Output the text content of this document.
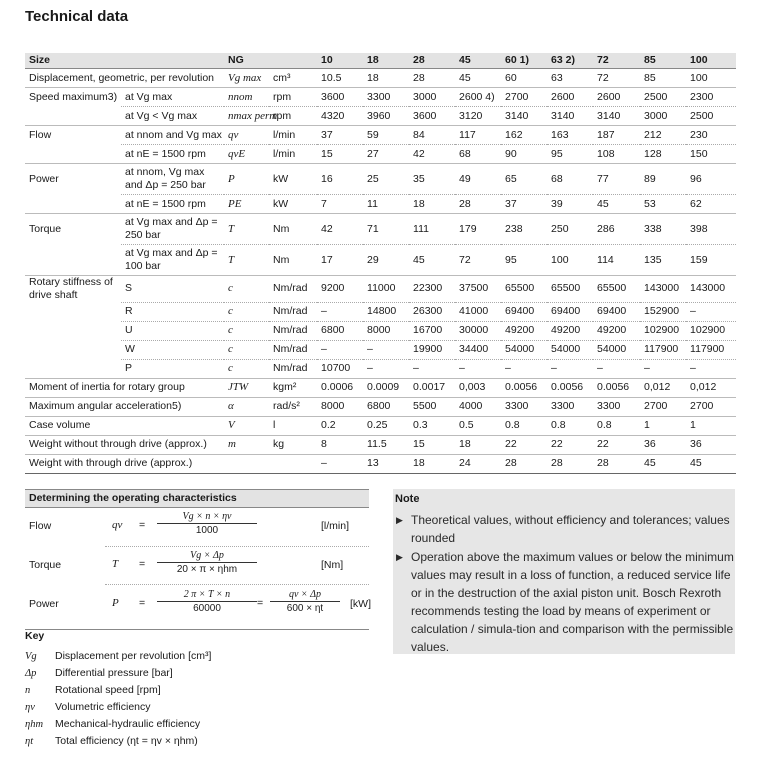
Technical data
Size		NG		10	18	28	45	60 1)	63 2)	72	85	100
Displacement, geometric, per revolution		Vg max	cm³	10.5	18	28	45	60	63	72	85	100
Speed maximum3)	at Vg max	nnom	rpm	3600	3300	3000	2600 4)	2700	2600	2600	2500	2300
	at Vg < Vg max	nmax perm	rpm	4320	3960	3600	3120	3140	3140	3140	3000	2500
Flow	at nnom and Vg max	qv	l/min	37	59	84	117	162	163	187	212	230
	at nE = 1500 rpm	qvE	l/min	15	27	42	68	90	95	108	128	150
Power	at nnom, Vg max and Δp = 250 bar	P	kW	16	25	35	49	65	68	77	89	96
	at nE = 1500 rpm	PE	kW	7	11	18	28	37	39	45	53	62
Torque	at Vg max and Δp = 250 bar	T	Nm	42	71	111	179	238	250	286	338	398
	at Vg max and Δp = 100 bar	T	Nm	17	29	45	72	95	100	114	135	159
Rotary stiffness of drive shaft	S	c	Nm/rad	9200	11000	22300	37500	65500	65500	65500	143000	143000
	R	c	Nm/rad	–	14800	26300	41000	69400	69400	69400	152900	–
	U	c	Nm/rad	6800	8000	16700	30000	49200	49200	49200	102900	102900
	W	c	Nm/rad	–	–	19900	34400	54000	54000	54000	117900	117900
	P	c	Nm/rad	10700	–	–	–	–	–	–	–	–
Moment of inertia for rotary group		JTW	kgm²	0.0006	0.0009	0.0017	0,003	0.0056	0.0056	0.0056	0,012	0,012
Maximum angular acceleration5)		α	rad/s²	8000	6800	5500	4000	3300	3300	3300	2700	2700
Case volume		V	l	0.2	0.25	0.3	0.5	0.8	0.8	0.8	1	1
Weight without through drive (approx.)		m	kg	8	11.5	15	18	22	22	22	36	36
Weight with through drive (approx.)				–	13	18	24	28	28	28	45	45
Determining the operating characteristics
Flow	qv = $\frac{Vg \times n \times \eta v}{1000}$	[l/min]
Torque	T =
Vg × Δp
20 × π × ηhm	[Nm]
Power	$P = \frac{2 \pi \times T \times n}{60000} = \frac{qv \times \Delta p}{600 \times \eta t} [kW]$
Key
Vg Displacement per revolution [cm³]
Δp Differential pressure [bar]
n Rotational speed [rpm]
ηv Volumetric efficiency
ηhm Mechanical-hydraulic efficiency
ηt Total efficiency (ηt = ηv × ηhm)
Note
▶ Theoretical values, without efficiency and tolerances; values rounded
▶ Operation above the maximum values or below the minimum values may result in a loss of function, a reduced service life or in the destruction of the axial piston unit. Bosch Rexroth recommends testing the load by means of experiment or calculation / simula-tion and comparison with the permissible values.
